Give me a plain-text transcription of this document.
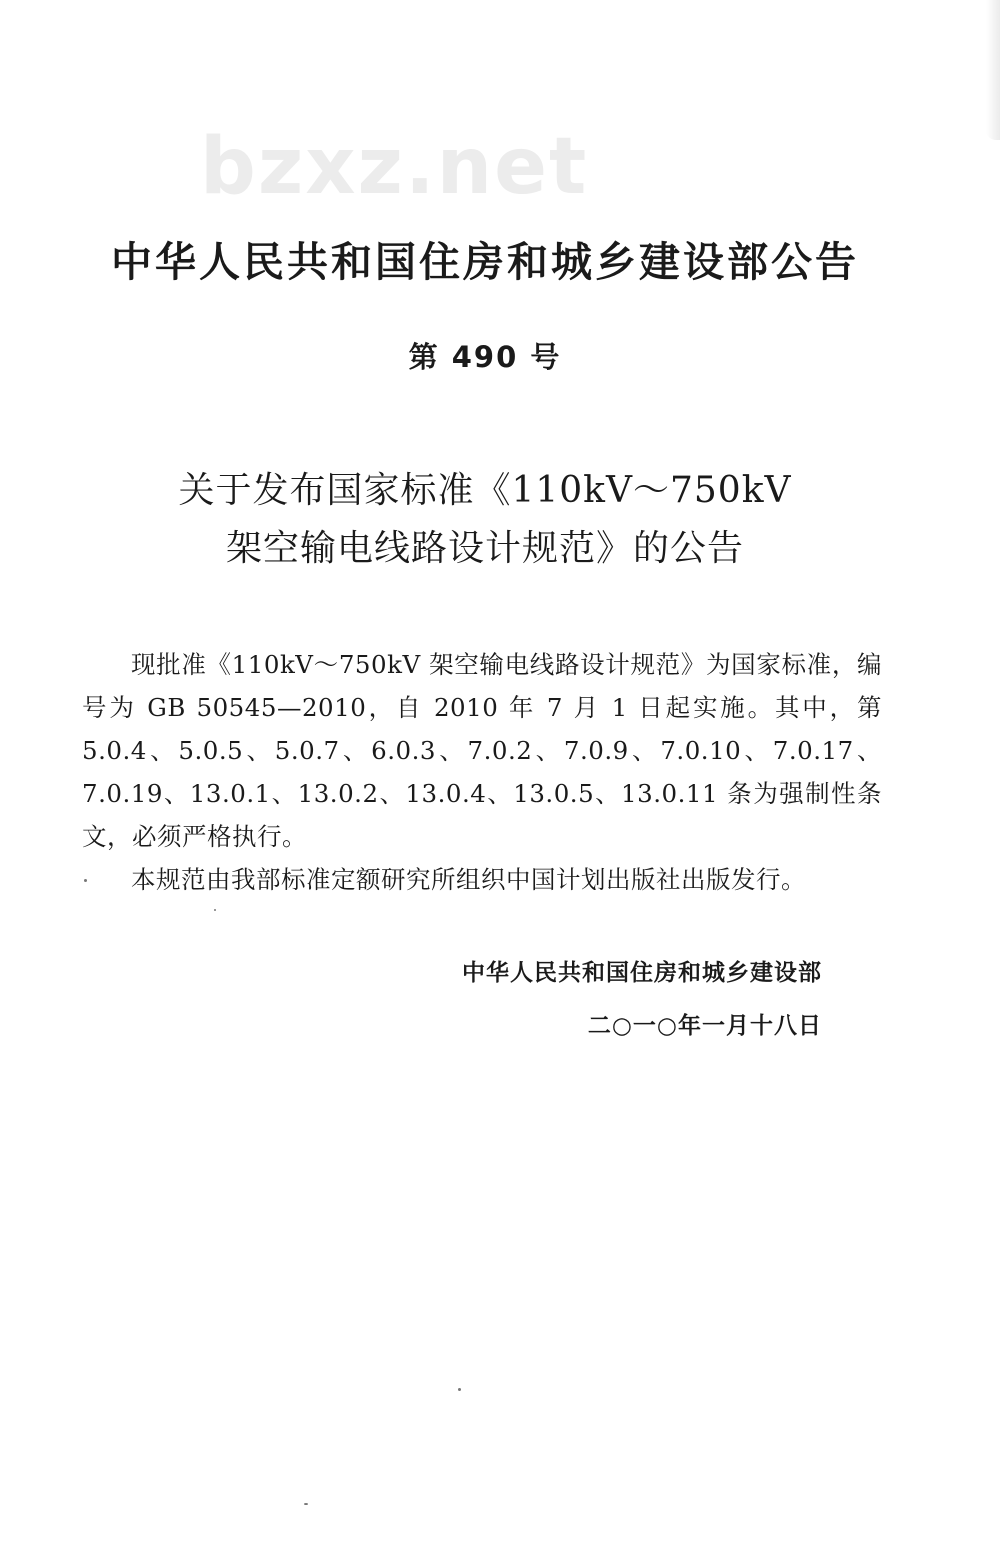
bzxz.net
中华人民共和国住房和城乡建设部公告
第 490 号
关于发布国家标准《110kV～750kV
架空输电线路设计规范》的公告
现批准《110kV～750kV 架空输电线路设计规范》为国家标准，编号为 GB 50545—2010，自 2010 年 7 月 1 日起实施。其中，第 5.0.4、5.0.5、5.0.7、6.0.3、7.0.2、7.0.9、7.0.10、7.0.17、7.0.19、13.0.1、13.0.2、13.0.4、13.0.5、13.0.11 条为强制性条文，必须严格执行。
本规范由我部标准定额研究所组织中国计划出版社出版发行。
中华人民共和国住房和城乡建设部
二○一○年一月十八日
